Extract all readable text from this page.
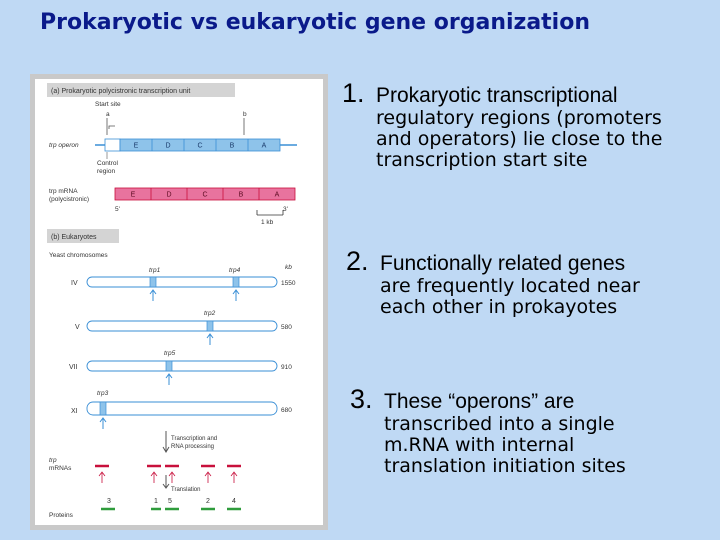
Prokaryotic vs eukaryotic gene organization
(a) Prokaryotic polycistronic transcription unit
Start site
a	b
trp operon	E	D	C	B	A
Control
region
trp mRNA
(polycistronic)
E	D	C	B	A
5'	3'
1 kb
(b) Eukaryotes
Yeast chromosomes
kb
IV	1550
V	580
VII	910
XI	680
trp1	trp4
trp2
trp5
trp3
Transcription and
RNA processing
trp
mRNAs
Translation
3	1 5	2	4
Proteins
1. Prokaryotic transcriptional
regulatory regions (promoters
and operators) lie close to the
transcription start site
2. Functionally related genes
are frequently located near
each other in prokayotes
3. These “operons” are
transcribed into a single
m.RNA with internal
translation initiation sites
